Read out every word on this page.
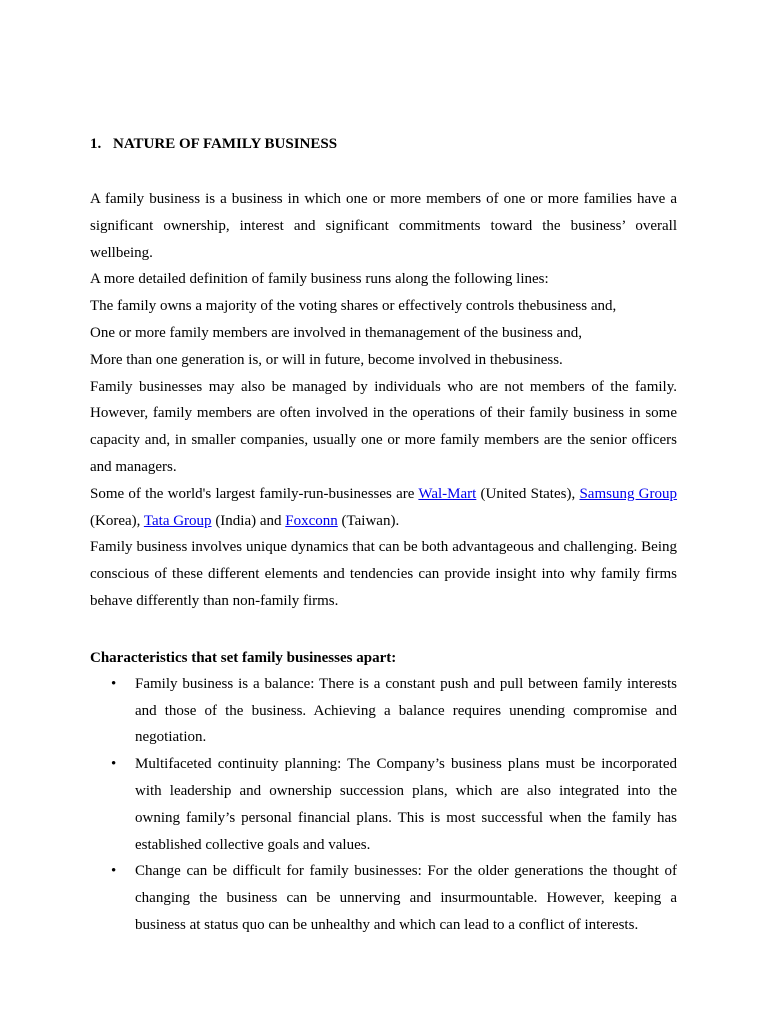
1. NATURE OF FAMILY BUSINESS

A family business is a business in which one or more members of one or more families have a significant ownership, interest and significant commitments toward the business’ overall wellbeing.

A more detailed definition of family business runs along the following lines:

The family owns a majority of the voting shares or effectively controls thebusiness and,

One or more family members are involved in themanagement of the business and,

More than one generation is, or will in future, become involved in thebusiness.

Family businesses may also be managed by individuals who are not members of the family. However, family members are often involved in the operations of their family business in some capacity and, in smaller companies, usually one or more family members are the senior officers and managers.

Some of the world's largest family-run-businesses are Wal-Mart (United States), Samsung Group (Korea), Tata Group (India) and Foxconn (Taiwan).

Family business involves unique dynamics that can be both advantageous and challenging. Being conscious of these different elements and tendencies can provide insight into why family firms behave differently than non-family firms.

Characteristics that set family businesses apart:

• Family business is a balance: There is a constant push and pull between family interests and those of the business. Achieving a balance requires unending compromise and negotiation.
• Multifaceted continuity planning: The Company’s business plans must be incorporated with leadership and ownership succession plans, which are also integrated into the owning family’s personal financial plans. This is most successful when the family has established collective goals and values.
• Change can be difficult for family businesses: For the older generations the thought of changing the business can be unnerving and insurmountable. However, keeping a business at status quo can be unhealthy and which can lead to a conflict of interests.
